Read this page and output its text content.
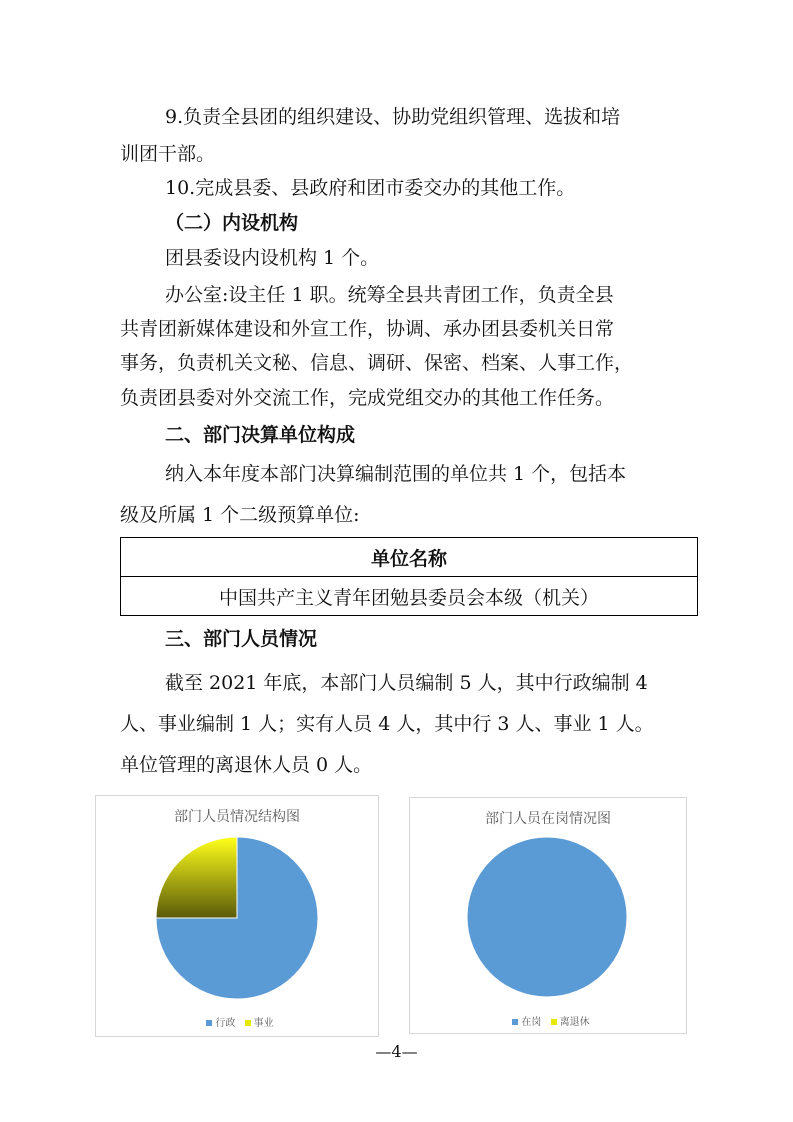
9.负责全县团的组织建设、协助党组织管理、选拔和培
训团干部。
10.完成县委、县政府和团市委交办的其他工作。
（二）内设机构
团县委设内设机构 1 个。
办公室:设主任 1 职。统筹全县共青团工作，负责全县
共青团新媒体建设和外宣工作，协调、承办团县委机关日常
事务，负责机关文秘、信息、调研、保密、档案、人事工作，
负责团县委对外交流工作，完成党组交办的其他工作任务。
二、部门决算单位构成
纳入本年度本部门决算编制范围的单位共 1 个，包括本
级及所属 1 个二级预算单位:
单位名称
中国共产主义青年团勉县委员会本级（机关）
三、部门人员情况
截至 2021 年底，本部门人员编制 5 人，其中行政编制 4
人、事业编制 1 人；实有人员 4 人，其中行 3 人、事业 1 人。
单位管理的离退休人员 0 人。
部门人员情况结构图
行政 事业
部门人员在岗情况图
在岗 离退休
—4—
